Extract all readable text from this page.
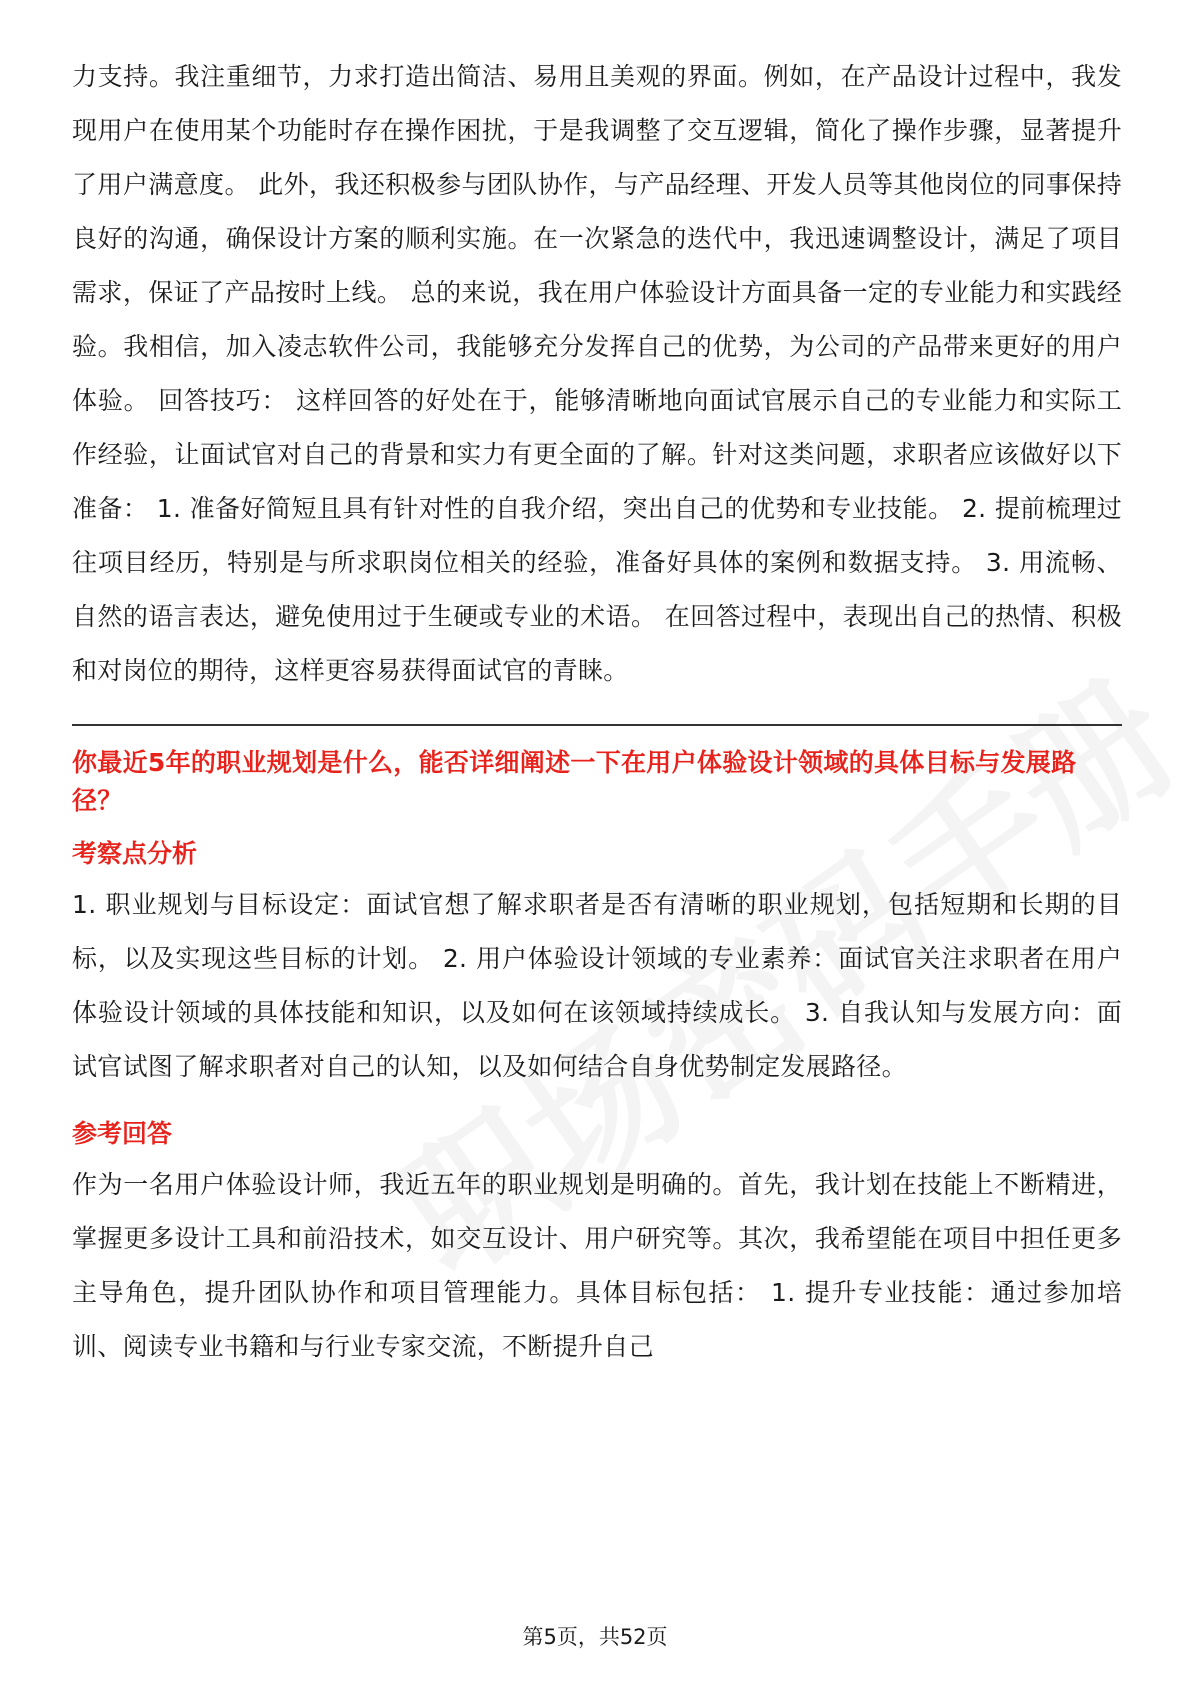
力支持。我注重细节，力求打造出简洁、易用且美观的界面。例如，在产品设计过程中，我发现用户在使用某个功能时存在操作困扰，于是我调整了交互逻辑，简化了操作步骤，显著提升了用户满意度。 此外，我还积极参与团队协作，与产品经理、开发人员等其他岗位的同事保持良好的沟通，确保设计方案的顺利实施。在一次紧急的迭代中，我迅速调整设计，满足了项目需求，保证了产品按时上线。 总的来说，我在用户体验设计方面具备一定的专业能力和实践经验。我相信，加入凌志软件公司，我能够充分发挥自己的优势，为公司的产品带来更好的用户体验。 回答技巧： 这样回答的好处在于，能够清晰地向面试官展示自己的专业能力和实际工作经验，让面试官对自己的背景和实力有更全面的了解。针对这类问题，求职者应该做好以下准备： 1. 准备好简短且具有针对性的自我介绍，突出自己的优势和专业技能。 2. 提前梳理过往项目经历，特别是与所求职岗位相关的经验，准备好具体的案例和数据支持。 3. 用流畅、自然的语言表达，避免使用过于生硬或专业的术语。 在回答过程中，表现出自己的热情、积极和对岗位的期待，这样更容易获得面试官的青睐。

你最近5年的职业规划是什么，能否详细阐述一下在用户体验设计领域的具体目标与发展路径？

考察点分析

1. 职业规划与目标设定：面试官想了解求职者是否有清晰的职业规划，包括短期和长期的目标，以及实现这些目标的计划。 2. 用户体验设计领域的专业素养：面试官关注求职者在用户体验设计领域的具体技能和知识，以及如何在该领域持续成长。 3. 自我认知与发展方向：面试官试图了解求职者对自己的认知，以及如何结合自身优势制定发展路径。

参考回答

作为一名用户体验设计师，我近五年的职业规划是明确的。首先，我计划在技能上不断精进，掌握更多设计工具和前沿技术，如交互设计、用户研究等。其次，我希望能在项目中担任更多主导角色，提升团队协作和项目管理能力。具体目标包括： 1. 提升专业技能：通过参加培训、阅读专业书籍和与行业专家交流，不断提升自己

第5页，共52页
